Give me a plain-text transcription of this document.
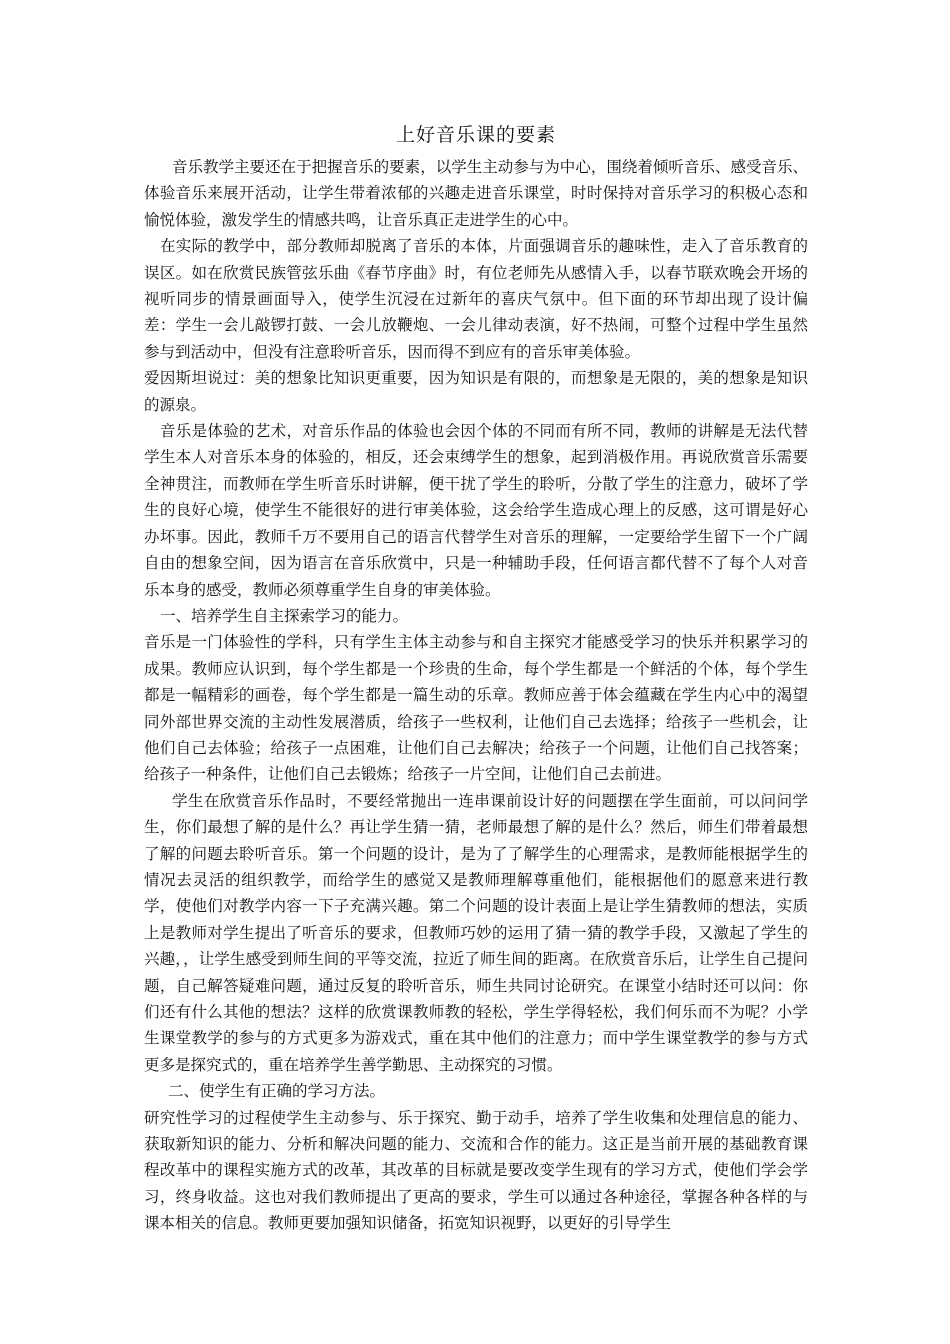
上好音乐课的要素

音乐教学主要还在于把握音乐的要素，以学生主动参与为中心，围绕着倾听音乐、感受音乐、体验音乐来展开活动，让学生带着浓郁的兴趣走进音乐课堂，时时保持对音乐学习的积极心态和愉悦体验，激发学生的情感共鸣，让音乐真正走进学生的心中。

在实际的教学中，部分教师却脱离了音乐的本体，片面强调音乐的趣味性，走入了音乐教育的误区。如在欣赏民族管弦乐曲《春节序曲》时，有位老师先从感情入手，以春节联欢晚会开场的视听同步的情景画面导入，使学生沉浸在过新年的喜庆气氛中。但下面的环节却出现了设计偏差：学生一会儿敲锣打鼓、一会儿放鞭炮、一会儿律动表演，好不热闹，可整个过程中学生虽然参与到活动中，但没有注意聆听音乐，因而得不到应有的音乐审美体验。

爱因斯坦说过：美的想象比知识更重要，因为知识是有限的，而想象是无限的，美的想象是知识的源泉。

音乐是体验的艺术，对音乐作品的体验也会因个体的不同而有所不同，教师的讲解是无法代替学生本人对音乐本身的体验的，相反，还会束缚学生的想象，起到消极作用。再说欣赏音乐需要全神贯注，而教师在学生听音乐时讲解，便干扰了学生的聆听，分散了学生的注意力，破坏了学生的良好心境，使学生不能很好的进行审美体验，这会给学生造成心理上的反感，这可谓是好心办坏事。因此，教师千万不要用自己的语言代替学生对音乐的理解，一定要给学生留下一个广阔自由的想象空间，因为语言在音乐欣赏中，只是一种辅助手段，任何语言都代替不了每个人对音乐本身的感受，教师必须尊重学生自身的审美体验。

一、培养学生自主探索学习的能力。

音乐是一门体验性的学科，只有学生主体主动参与和自主探究才能感受学习的快乐并积累学习的成果。教师应认识到，每个学生都是一个珍贵的生命，每个学生都是一个鲜活的个体，每个学生都是一幅精彩的画卷，每个学生都是一篇生动的乐章。教师应善于体会蕴藏在学生内心中的渴望同外部世界交流的主动性发展潜质，给孩子一些权利，让他们自己去选择；给孩子一些机会，让他们自己去体验；给孩子一点困难，让他们自己去解决；给孩子一个问题，让他们自己找答案；给孩子一种条件，让他们自己去锻炼；给孩子一片空间，让他们自己去前进。

学生在欣赏音乐作品时，不要经常抛出一连串课前设计好的问题摆在学生面前，可以问问学生，你们最想了解的是什么？再让学生猜一猜，老师最想了解的是什么？然后，师生们带着最想了解的问题去聆听音乐。第一个问题的设计，是为了了解学生的心理需求，是教师能根据学生的情况去灵活的组织教学，而给学生的感觉又是教师理解尊重他们，能根据他们的愿意来进行教学，使他们对教学内容一下子充满兴趣。第二个问题的设计表面上是让学生猜教师的想法，实质上是教师对学生提出了听音乐的要求，但教师巧妙的运用了猜一猜的教学手段，又激起了学生的兴趣，，让学生感受到师生间的平等交流，拉近了师生间的距离。在欣赏音乐后，让学生自己提问题，自己解答疑难问题，通过反复的聆听音乐，师生共同讨论研究。在课堂小结时还可以问：你们还有什么其他的想法？这样的欣赏课教师教的轻松，学生学得轻松，我们何乐而不为呢？小学生课堂教学的参与的方式更多为游戏式，重在其中他们的注意力；而中学生课堂教学的参与方式更多是探究式的，重在培养学生善学勤思、主动探究的习惯。

二、使学生有正确的学习方法。

研究性学习的过程使学生主动参与、乐于探究、勤于动手，培养了学生收集和处理信息的能力、获取新知识的能力、分析和解决问题的能力、交流和合作的能力。这正是当前开展的基础教育课程改革中的课程实施方式的改革，其改革的目标就是要改变学生现有的学习方式，使他们学会学习，终身收益。这也对我们教师提出了更高的要求，学生可以通过各种途径，掌握各种各样的与课本相关的信息。教师更要加强知识储备，拓宽知识视野，以更好的引导学生
